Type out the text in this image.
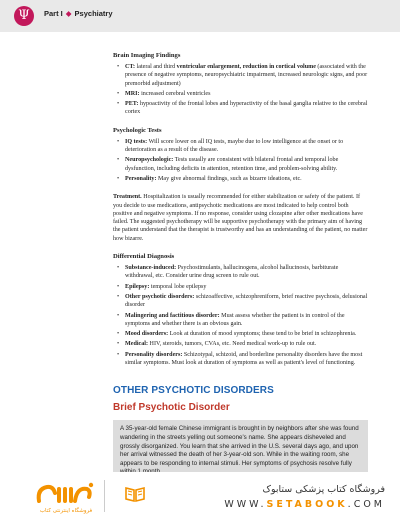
Ψ	Part I ◆ Psychiatry
Brain Imaging Findings
• CT: lateral and third ventricular enlargement, reduction in cortical volume (associated with the presence of negative symptoms, neuropsychiatric impairment, increased neurologic signs, and poor premorbid adjustment)
• MRI: increased cerebral ventricles
• PET: hypoactivity of the frontal lobes and hyperactivity of the basal ganglia relative to the cerebral cortex
Psychologic Tests
• IQ tests: Will score lower on all IQ tests, maybe due to low intelligence at the onset or to deterioration as a result of the disease.
• Neuropsychologic: Tests usually are consistent with bilateral frontal and temporal lobe dysfunction, including deficits in attention, retention time, and problem-solving ability.
• Personality: May give abnormal findings, such as bizarre ideations, etc.

Treatment. Hospitalization is usually recommended for either stabilization or safety of the patient. If you decide to use medications, antipsychotic medications are most indicated to help control both positive and negative symptoms. If no response, consider using clozapine after other medications have failed. The suggested psychotherapy will be supportive psychotherapy with the primary aim of having the patient understand that the therapist is trustworthy and has an understanding of the patient, no matter how bizarre.

Differential Diagnosis
• Substance-induced: Psychostimulants, hallucinogens, alcohol hallucinosis, barbiturate withdrawal, etc. Consider urine drug screen to rule out.
• Epilepsy: temporal lobe epilepsy
• Other psychotic disorders: schizoaffective, schizophreniform, brief reactive psychosis, delusional disorder
• Malingering and factitious disorder: Must assess whether the patient is in control of the symptoms and whether there is an obvious gain.
• Mood disorders: Look at duration of mood symptoms; these tend to be brief in schizophrenia.
• Medical: HIV, steroids, tumors, CVAs, etc. Need medical work-up to rule out.
• Personality disorders: Schizotypal, schizoid, and borderline personality disorders have the most similar symptoms. Must look at duration of symptoms as well as patient's level of functioning.
OTHER PSYCHOTIC DISORDERS
Brief Psychotic Disorder
A 35-year-old female Chinese immigrant is brought in by neighbors after she was found wandering in the streets yelling out someone's name. She appears disheveled and grossly disorganized. You learn that she arrived in the U.S. several days ago, and upon her arrival witnessed the death of her 3-year-old son. While in the waiting room, she appears to be responding to internal stimuli. Her symptoms of psychosis resolve fully
فروشگاه اینترنتی کتاب
فروشگاه کتاب پزشکی ستابوک
WWW.SETABOOK.COM
